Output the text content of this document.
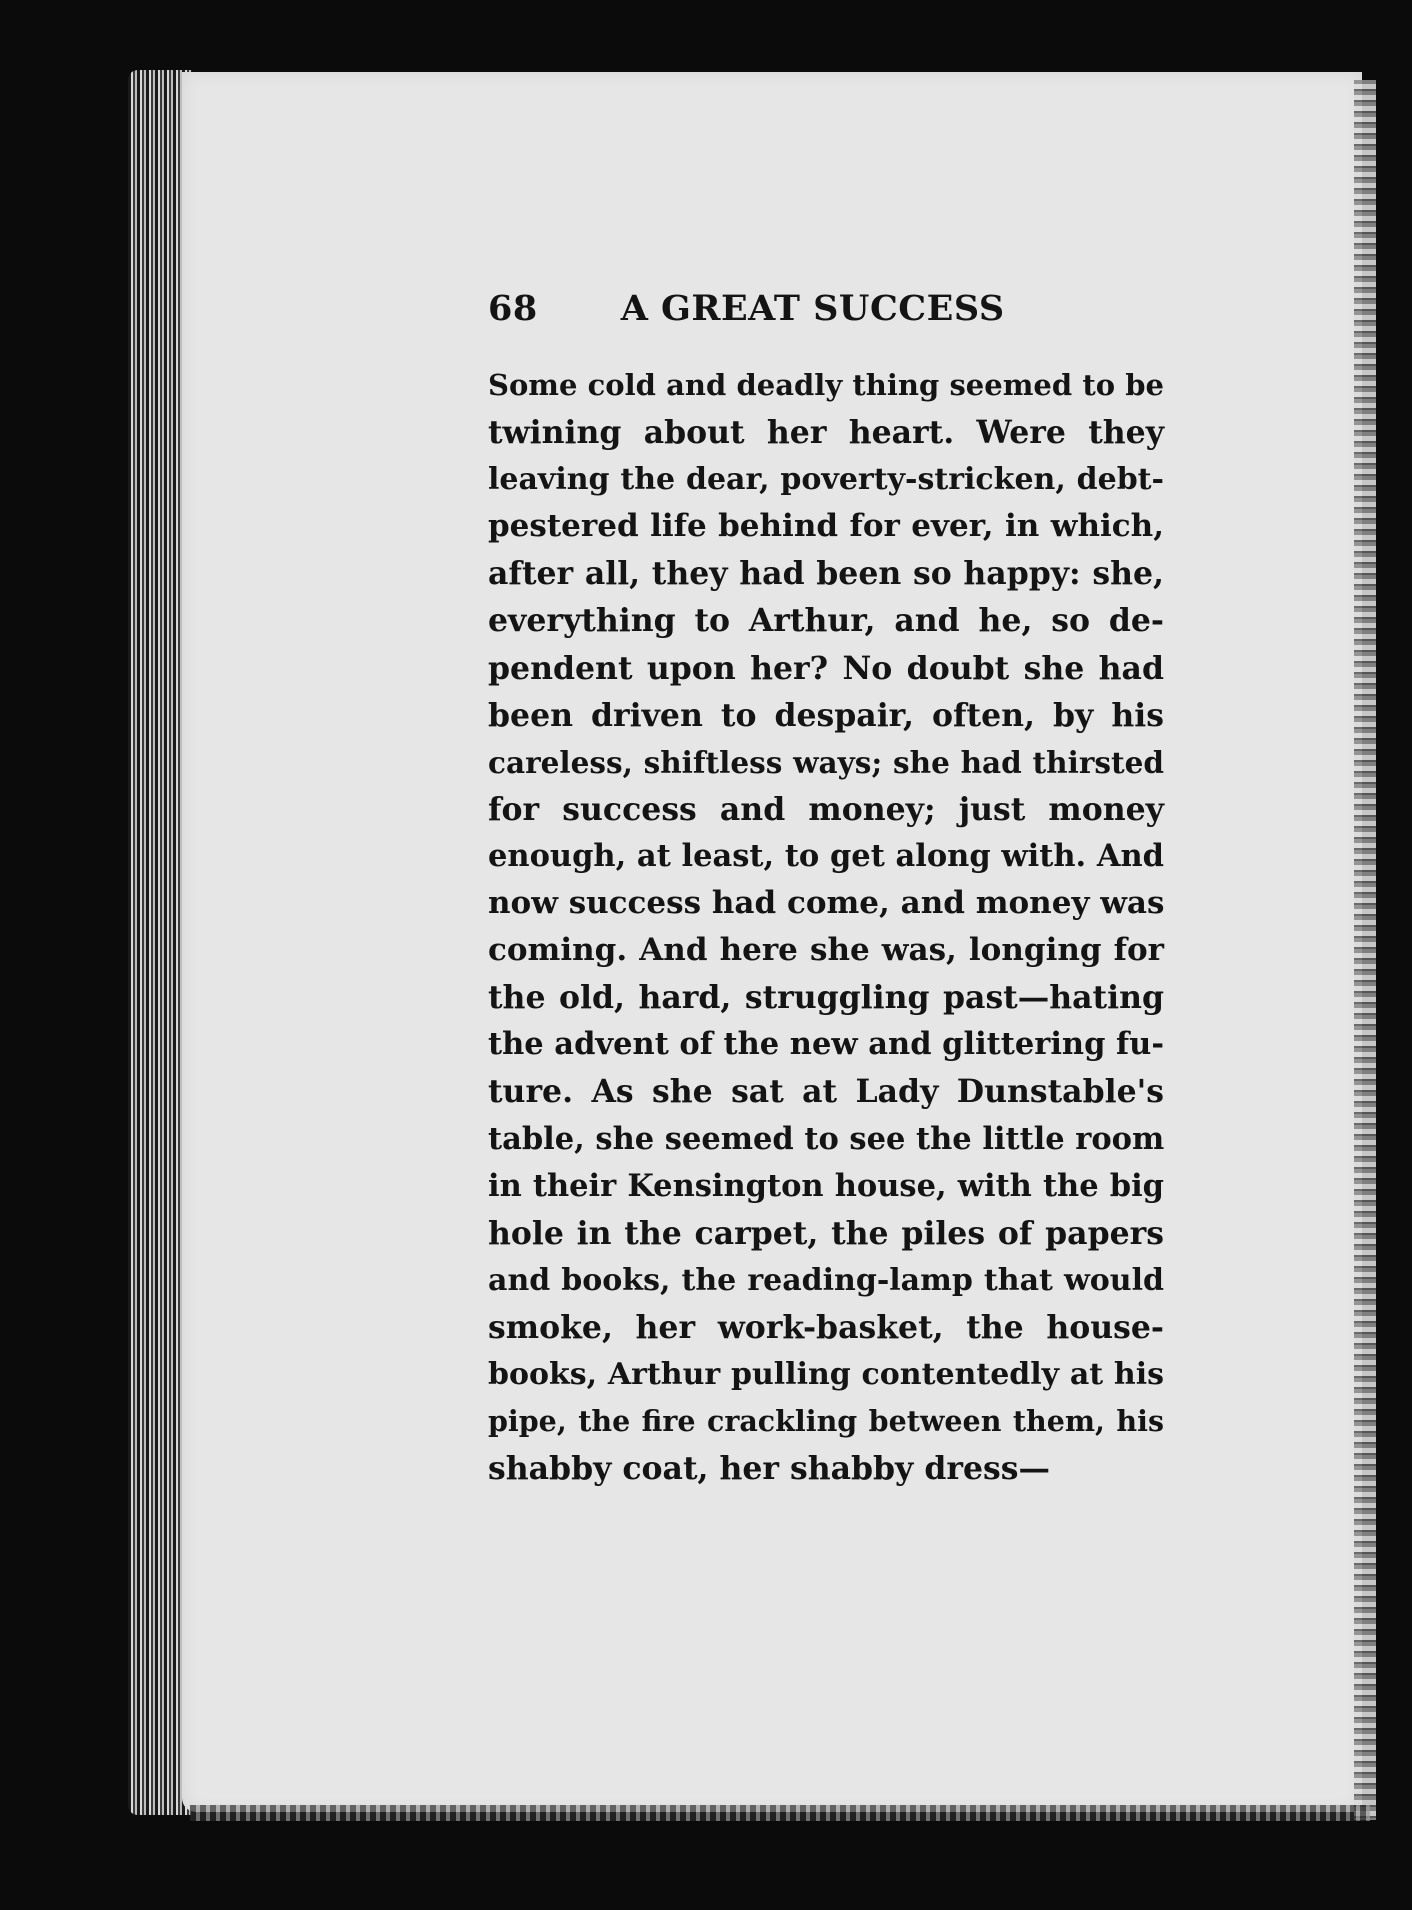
68 A GREAT SUCCESS
Some cold and deadly thing seemed to be
twining about her heart. Were they
leaving the dear, poverty-stricken, debt-
pestered life behind for ever, in which,
after all, they had been so happy: she,
everything to Arthur, and he, so de-
pendent upon her? No doubt she had
been driven to despair, often, by his
careless, shiftless ways; she had thirsted
for success and money; just money
enough, at least, to get along with. And
now success had come, and money was
coming. And here she was, longing for
the old, hard, struggling past—hating
the advent of the new and glittering fu-
ture. As she sat at Lady Dunstable's
table, she seemed to see the little room
in their Kensington house, with the big
hole in the carpet, the piles of papers
and books, the reading-lamp that would
smoke, her work-basket, the house-
books, Arthur pulling contentedly at his
pipe, the fire crackling between them, his
shabby coat, her shabby dress—
